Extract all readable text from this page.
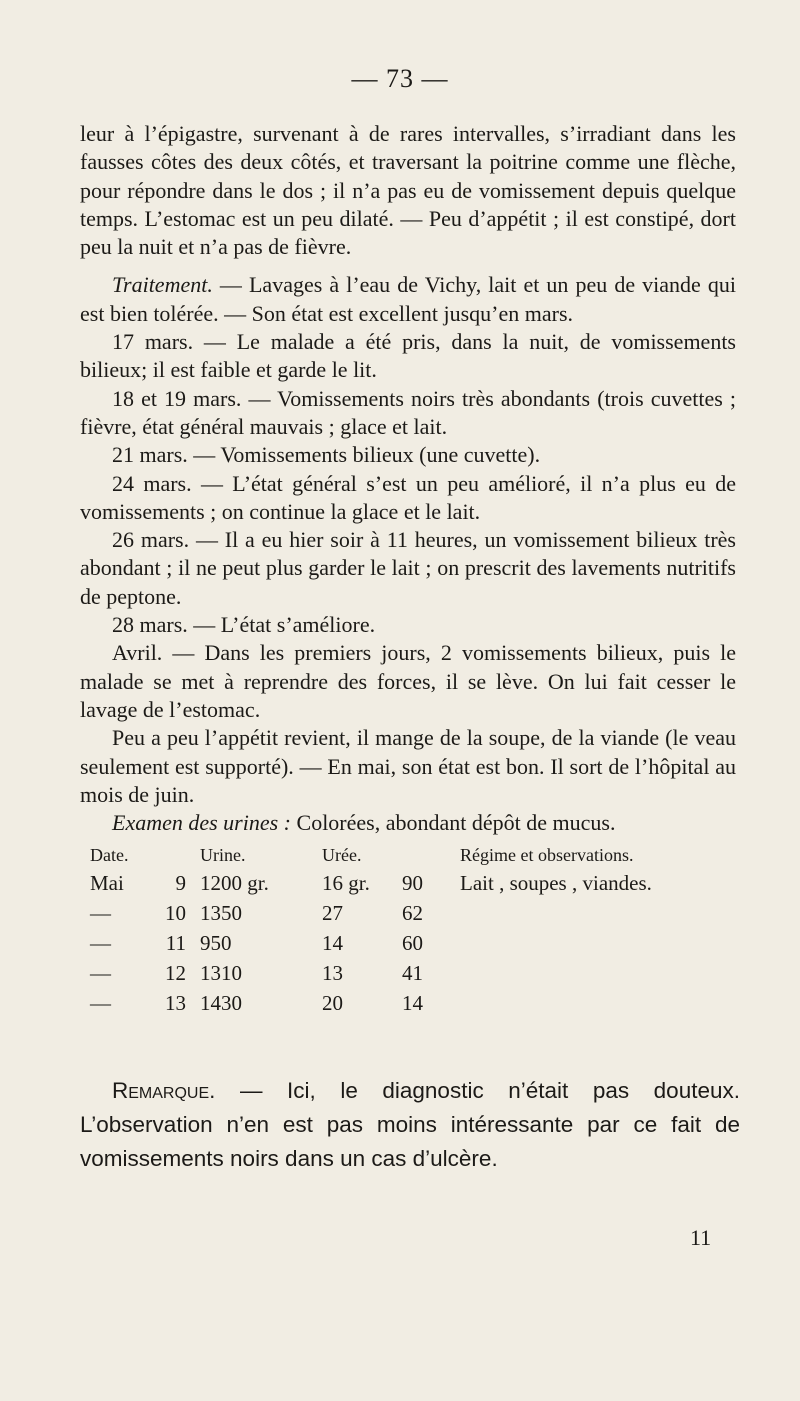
— 73 —

leur à l’épigastre, survenant à de rares intervalles, s’irradiant dans les fausses côtes des deux côtés, et traversant la poitrine comme une flèche, pour répondre dans le dos ; il n’a pas eu de vomissement depuis quelque temps. L’estomac est un peu dilaté. — Peu d’appétit ; il est constipé, dort peu la nuit et n’a pas de fièvre.

Traitement. — Lavages à l’eau de Vichy, lait et un peu de viande qui est bien tolérée. — Son état est excellent jusqu’en mars.

17 mars. — Le malade a été pris, dans la nuit, de vomissements bilieux; il est faible et garde le lit.

18 et 19 mars. — Vomissements noirs très abondants (trois cuvettes ; fièvre, état général mauvais ; glace et lait.

21 mars. — Vomissements bilieux (une cuvette).

24 mars. — L’état général s’est un peu amélioré, il n’a plus eu de vomissements ; on continue la glace et le lait.

26 mars. — Il a eu hier soir à 11 heures, un vomissement bilieux très abondant ; il ne peut plus garder le lait ; on prescrit des lavements nutritifs de peptone.

28 mars. — L’état s’améliore.

Avril. — Dans les premiers jours, 2 vomissements bilieux, puis le malade se met à reprendre des forces, il se lève. On lui fait cesser le lavage de l’estomac.

Peu a peu l’appétit revient, il mange de la soupe, de la viande (le veau seulement est supporté). — En mai, son état est bon. Il sort de l’hôpital au mois de juin.

Examen des urines : Colorées, abondant dépôt de mucus.

Date.		Urine.	Urée.		Régime et observations.
Mai	9	1200 gr.	16 gr.	90	Lait , soupes , viandes.
—	10	1350	27	62	
—	11	950	14	60	
—	12	1310	13	41	
—	13	1430	20	14	

Remarque. — Ici, le diagnostic n’était pas douteux. L’observation n’en est pas moins intéressante par ce fait de vomissements noirs dans un cas d’ulcère.

11
